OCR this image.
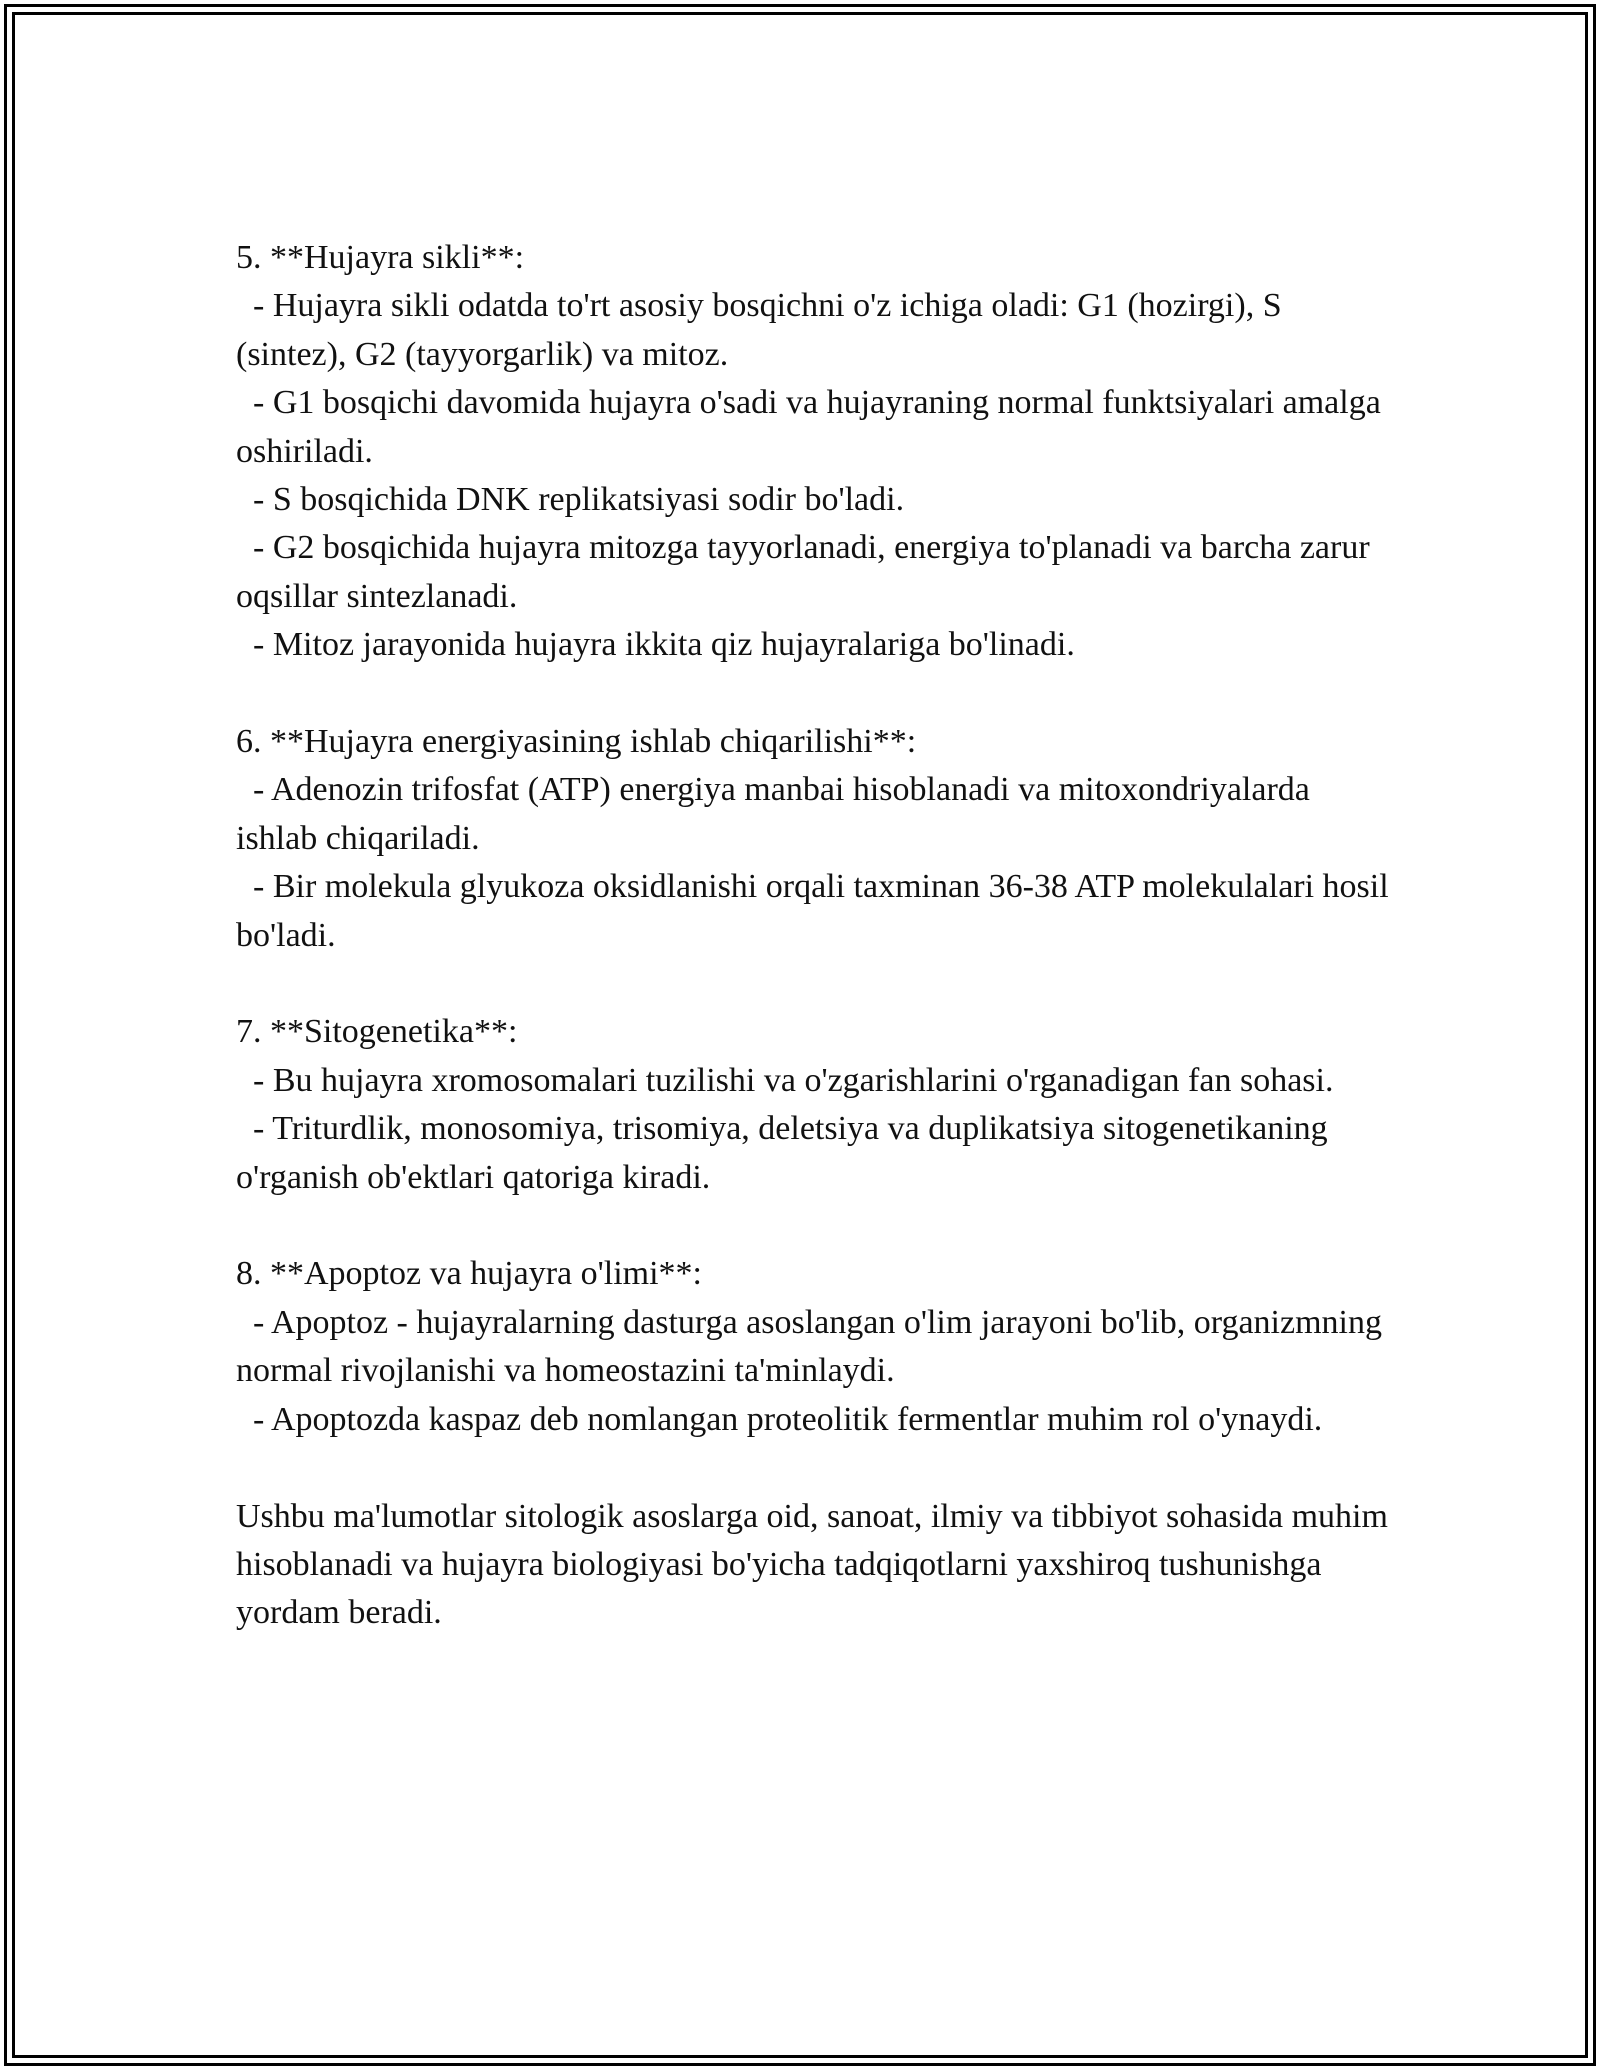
5. **Hujayra sikli**:

- Hujayra sikli odatda to'rt asosiy bosqichni o'z ichiga oladi: G1 (hozirgi), S (sintez), G2 (tayyorgarlik) va mitoz.

- G1 bosqichi davomida hujayra o'sadi va hujayraning normal funktsiyalari amalga oshiriladi.

- S bosqichida DNK replikatsiyasi sodir bo'ladi.

- G2 bosqichida hujayra mitozga tayyorlanadi, energiya to'planadi va barcha zarur oqsillar sintezlanadi.

- Mitoz jarayonida hujayra ikkita qiz hujayralariga bo'linadi.

6. **Hujayra energiyasining ishlab chiqarilishi**:

- Adenozin trifosfat (ATP) energiya manbai hisoblanadi va mitoxondriyalarda ishlab chiqariladi.

- Bir molekula glyukoza oksidlanishi orqali taxminan 36-38 ATP molekulalari hosil bo'ladi.

7. **Sitogenetika**:

- Bu hujayra xromosomalari tuzilishi va o'zgarishlarini o'rganadigan fan sohasi.

- Triturdlik, monosomiya, trisomiya, deletsiya va duplikatsiya sitogenetikaning o'rganish ob'ektlari qatoriga kiradi.

8. **Apoptoz va hujayra o'limi**:

- Apoptoz - hujayralarning dasturga asoslangan o'lim jarayoni bo'lib, organizmning normal rivojlanishi va homeostazini ta'minlaydi.

- Apoptozda kaspaz deb nomlangan proteolitik fermentlar muhim rol o'ynaydi.

Ushbu ma'lumotlar sitologik asoslarga oid, sanoat, ilmiy va tibbiyot sohasida muhim hisoblanadi va hujayra biologiyasi bo'yicha tadqiqotlarni yaxshiroq tushunishga yordam beradi.
